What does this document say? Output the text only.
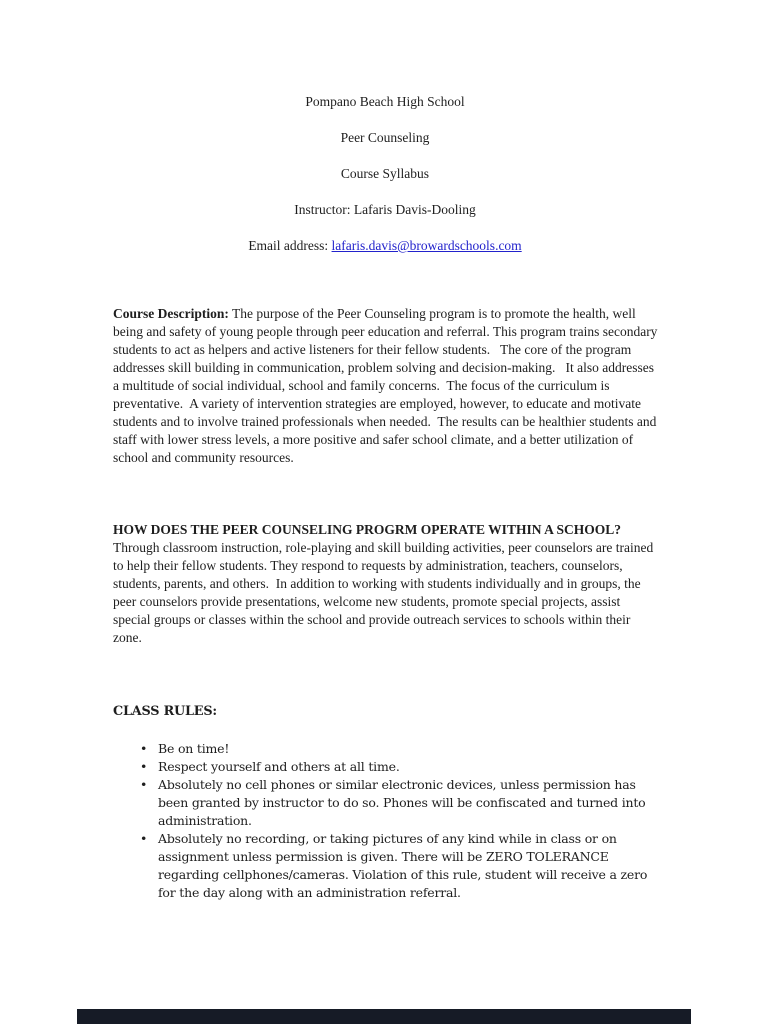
Pompano Beach High School

Peer Counseling

Course Syllabus

Instructor: Lafaris Davis-Dooling

Email address: lafaris.davis@browardschools.com

Course Description: The purpose of the Peer Counseling program is to promote the health, well being and safety of young people through peer education and referral. This program trains secondary students to act as helpers and active listeners for their fellow students.   The core of the program addresses skill building in communication, problem solving and decision-making.   It also addresses a multitude of social individual, school and family concerns.  The focus of the curriculum is preventative.  A variety of intervention strategies are employed, however, to educate and motivate students and to involve trained professionals when needed.  The results can be healthier students and staff with lower stress levels, a more positive and safer school climate, and a better utilization of school and community resources.

HOW DOES THE PEER COUNSELING PROGRM OPERATE WITHIN A SCHOOL?  Through classroom instruction, role-playing and skill building activities, peer counselors are trained to help their fellow students. They respond to requests by administration, teachers, counselors, students, parents, and others.  In addition to working with students individually and in groups, the peer counselors provide presentations, welcome new students, promote special projects, assist special groups or classes within the school and provide outreach services to schools within their zone.

CLASS RULES:

• Be on time!
• Respect yourself and others at all time.
• Absolutely no cell phones or similar electronic devices, unless permission has been granted by instructor to do so. Phones will be confiscated and turned into administration.
• Absolutely no recording, or taking pictures of any kind while in class or on assignment unless permission is given. There will be ZERO TOLERANCE regarding cellphones/cameras. Violation of this rule, student will receive a zero for the day along with an administration referral.
